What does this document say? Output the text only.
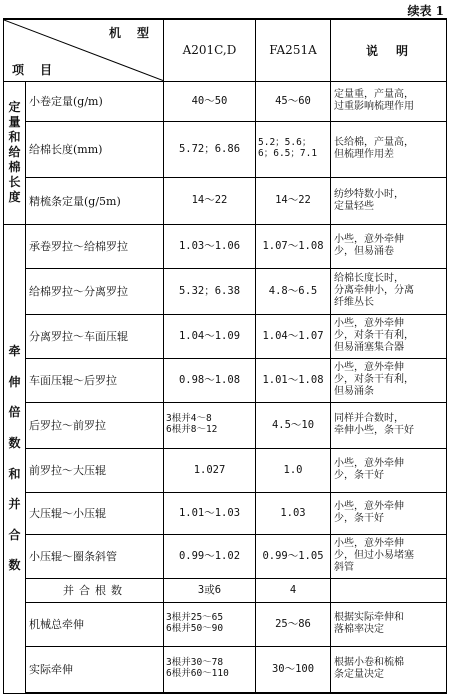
续表 1
机　型
项　目		A201C,D	FA251A	说　明
定量和给棉长度	小卷定量(g/m)	40～50	45～60	定量重，产量高，
过重影响梳理作用
	给棉长度(mm)	5.72；6.86	5.2；5.6；
6；6.5；7.1	长给棉，产量高，
但梳理作用差
	精梳条定量(g/5m)	14～22	14～22	纺纱特数小时，
定量轻些
牵伸倍数和并合数	承卷罗拉～给棉罗拉	1.03～1.06	1.07～1.08	小些，意外牵伸
少，但易涌卷
	给棉罗拉～分离罗拉	5.32；6.38	4.8～6.5	给棉长度长时，
分离牵伸小，分离
纤维丛长
	分离罗拉～车面压辊	1.04～1.09	1.04～1.07	小些，意外牵伸
少，对条干有利，
但易涌塞集合器
	车面压辊～后罗拉	0.98～1.08	1.01～1.08	小些，意外牵伸
少，对条干有利，
但易涌条
	后罗拉～前罗拉	3根并4～8
6根并8～12	4.5～10	同样并合数时，
牵伸小些，条干好
	前罗拉～大压辊	1.027	1.0	小些，意外牵伸
少，条干好
	大压辊～小压辊	1.01～1.03	1.03	小些，意外牵伸
少，条干好
	小压辊～圈条斜管	0.99～1.02	0.99～1.05	小些，意外牵伸
少，但过小易堵塞
斜管
	并合根数	3或6	4	
	机械总牵伸	3根并25～65
6根并50～90	25～86	根据实际牵伸和
落棉率决定
	实际牵伸	3根并30～78
6根并60～110	30～100	根据小卷和梳棉
条定量决定
